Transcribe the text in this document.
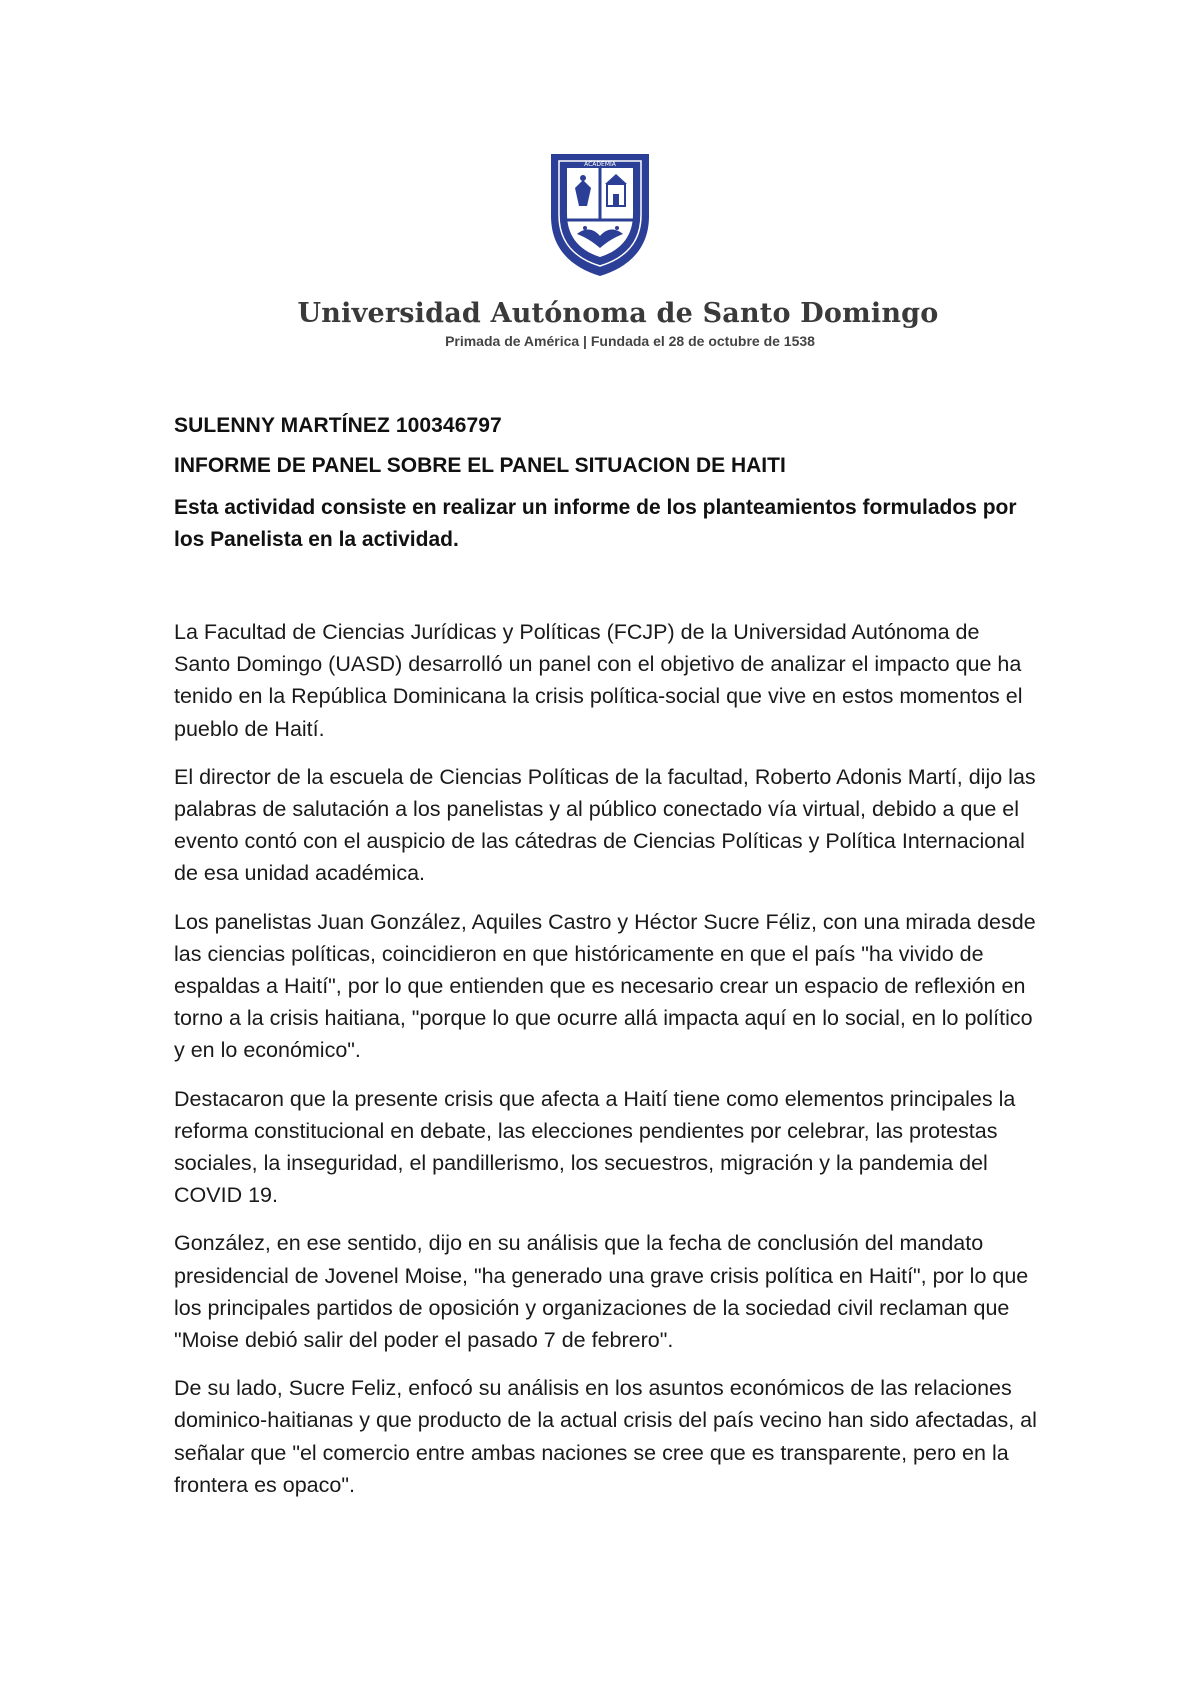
ACADEMIA
Universidad Autónoma de Santo Domingo
Primada de América | Fundada el 28 de octubre de 1538
SULENNY MARTÍNEZ 100346797
INFORME DE PANEL SOBRE EL PANEL SITUACION DE HAITI
Esta actividad consiste en realizar un informe de los planteamientos formulados por los Panelista en la actividad.

La Facultad de Ciencias Jurídicas y Políticas (FCJP) de la Universidad Autónoma de Santo Domingo (UASD) desarrolló un panel con el objetivo de analizar el impacto que ha tenido en la República Dominicana la crisis política-social que vive en estos momentos el pueblo de Haití.

El director de la escuela de Ciencias Políticas de la facultad, Roberto Adonis Martí, dijo las palabras de salutación a los panelistas y al público conectado vía virtual, debido a que el evento contó con el auspicio de las cátedras de Ciencias Políticas y Política Internacional de esa unidad académica.

Los panelistas Juan González, Aquiles Castro y Héctor Sucre Féliz, con una mirada desde las ciencias políticas, coincidieron en que históricamente en que el país "ha vivido de espaldas a Haití", por lo que entienden que es necesario crear un espacio de reflexión en torno a la crisis haitiana, "porque lo que ocurre allá impacta aquí en lo social, en lo político y en lo económico".

Destacaron que la presente crisis que afecta a Haití tiene como elementos principales la reforma constitucional en debate, las elecciones pendientes por celebrar, las protestas sociales, la inseguridad, el pandillerismo, los secuestros, migración y la pandemia del COVID 19.

González, en ese sentido, dijo en su análisis que la fecha de conclusión del mandato presidencial de Jovenel Moise, "ha generado una grave crisis política en Haití", por lo que los principales partidos de oposición y organizaciones de la sociedad civil reclaman que "Moise debió salir del poder el pasado 7 de febrero".

De su lado, Sucre Feliz, enfocó su análisis en los asuntos económicos de las relaciones dominico-haitianas y que producto de la actual crisis del país vecino han sido afectadas, al señalar que "el comercio entre ambas naciones se cree que es transparente, pero en la frontera es opaco".
